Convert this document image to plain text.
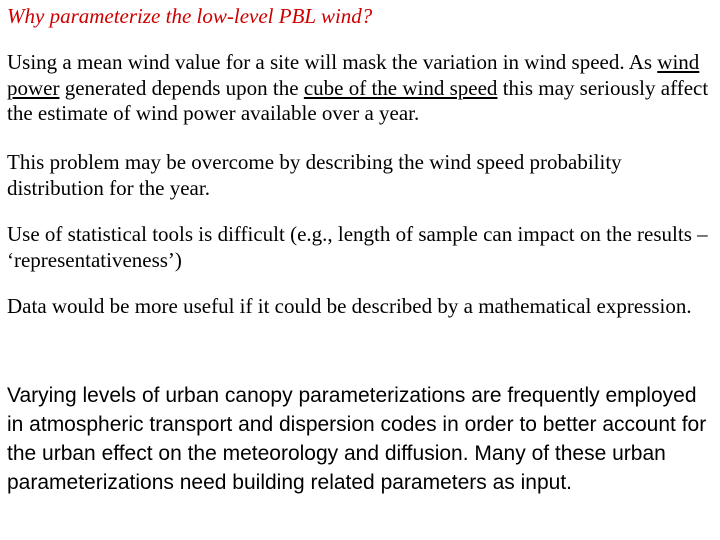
Why parameterize the low-level PBL wind?
Using a mean wind value for a site will mask the variation in wind speed. As wind power generated depends upon the cube of the wind speed this may seriously affect the estimate of wind power available over a year.
This problem may be overcome by describing the wind speed probability distribution for the year.
Use of statistical tools is difficult (e.g., length of sample can impact on the results – ‘representativeness’)
Data would be more useful if it could be described by a mathematical expression.
Varying levels of urban canopy parameterizations are frequently employed in atmospheric transport and dispersion codes in order to better account for the urban effect on the meteorology and diffusion. Many of these urban parameterizations need building related parameters as input.
